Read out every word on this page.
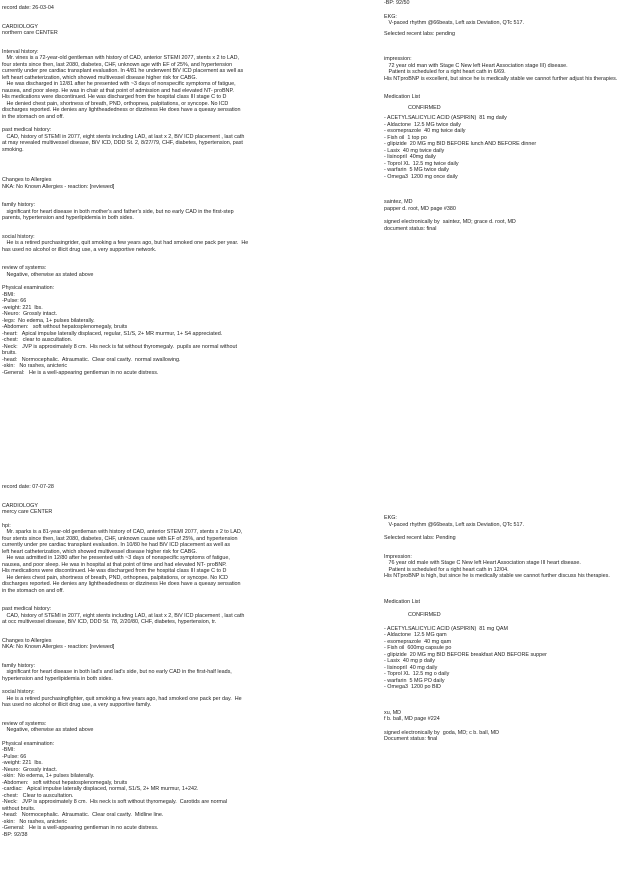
record date: 26-03-04

CARDIOLOGY

northern care CENTER

Interval history:

Mr. vines is a 72-year-old gentleman with history of CAD, anterior STEMI 2077, stents x 2 to LAD,

four stents since then, last 2080, diabetes, CHF, unknown age with EF of 25%, and hypertension

currently under pre cardiac transplant evaluation. In 4/81 he underwent BiV ICD placement as well as

left heart catheterization, which showed multivessel disease higher risk for CABG.

He was discharged in 12/81 after he presented with ~3 days of nonspecific symptoms of fatigue,

nausea, and poor sleep. He was in chair at that point of admission and had elevated NT- proBNP.

His medications were discontinued. He was discharged from the hospital class III stage C to D

He denied chest pain, shortness of breath, PND, orthopnea, palpitations, or syncope. No ICD

discharges reported. He denies any lightheadedness or dizziness He does have a queasy sensation

in the stomach on and off.

past medical history:

CAD, history of STEMI in 2077, eight stents including LAD, at last x 2, BiV ICD placement , last cath

at may revealed multivessel disease, BiV ICD, DDD St. 2, 8/27/79, CHF, diabetes, hypertension, past

smoking.

Changes to Allergies

NKA: No Known Allergies - reaction: [reviewed]

family history:

significant for heart disease in both mother's and father's side, but no early CAD in the first-step

parents, hypertension and hyperlipidemia in both sides.

social history:

He is a retired purchasingrider, quit smoking a few years ago, but had smoked one pack per year.  He

has used no alcohol or illicit drug use, a very supportive network.

review of systems:

Negative, otherwise as stated above

Physical examination:

-BMI:

-Pulse: 66

-weight: 221  lbs.

-Neuro:  Grossly intact.

-legs:  No edema, 1+ pulses bilaterally.

-Abdomen:   soft without hepatosplenomegaly, bruits

-heart:   Apical impulse laterally displaced, regular, S1/S, 2+ MR murmur, 1+ S4 appreciated.

-chest:   clear to auscultation.

-Neck:   JVP is approximately 8 cm.  His neck is fat without thyromegaly.  pupils are normal without

bruits.

-head:   Normocephalic.  Atraumatic.  Clear oral cavity.  normal swallowing.

-skin:   No rashes, anicteric

-General:   He is a well-appearing gentleman in no acute distress.

-BP: 92/50

EKG:

V-paced rhythm @66beats, Left axis Deviation, QTc 517.

Selected recent labs: pending

impression:

72 year old man with Stage C New left Heart Association stage III) disease.

Patient is scheduled for a right heart cath in 6/69.

His NTproBNP is excellent, but since he is medically stable we cannot further adjust his therapies.

Medication List

CONFIRMED

- ACETYLSALICYLIC ACID (ASPIRIN)  81 mg daily

- Aldactone  12.5 MG twice daily

- esomeprazole  40 mg twice daily

- Fish oil  1 top po

- glipizide  20 MG mg BID BEFORE lunch AND BEFORE dinner

- Lasix  40 mg twice daily

- lisinopril  40mg daily

- Toprol XL  12.5 mg twice daily

- warfarin  5 MG twice daily

- Omega3  1200 mg once daily

saintez, MD

papper d. root, MD page #380

signed electronically by  saintez, MD; grace d. root, MD

document status: final

record date: 07-07-28

CARDIOLOGY

mercy care CENTER

hpi:

Mr. sparks is a 81-year-old gentleman with history of CAD, anterior STEMI 2077, stents x 2 to LAD,

four stents since then, last 2080, diabetes, CHF, unknown cause with EF of 25%, and hypertension

currently under pre cardiac transplant evaluation. In 10/80 he had BiV ICD placement as well as

left heart catheterization, which showed multivessel disease higher risk for CABG.

He was admitted in 12/80 after he presented with ~3 days of nonspecific symptoms of fatigue,

nausea, and poor sleep. He was in hospital at that point of time and had elevated NT- proBNP.

His medications were discontinued. He was discharged from the hospital class III stage C to D

He denies chest pain, shortness of breath, PND, orthopnea, palpitations, or syncope. No ICD

discharges reported. He denies any lightheadedness or dizziness He does have a queasy sensation

in the stomach on and off.

past medical history:

CAD, history of STEMI in 2077, eight stents including LAD, at last x 2, BiV ICD placement , last cath

at occ multivessel disease, BiV ICD, DDD St. 78, 2/20/80, CHF, diabetes, hypertension, tr.

Changes to Allergies

NKA: No Known Allergies - reaction: [reviewed]

family history:

significant for heart disease in both lad's and lad's side, but no early CAD in the first-half leads,

hypertension and hyperlipidemia in both sides.

social history:

He is a retired purchasingfighter, quit smoking a few years ago, had smoked one pack per day.  He

has used no alcohol or illicit drug use, a very supportive family.

review of systems:

Negative, otherwise as stated above

Physical examination:

-BMI:

-Pulse: 66

-weight: 221  lbs.

-Neuro:  Grossly intact.

-skin:  No edema, 1+ pulses bilaterally.

-Abdomen:   soft without hepatosplenomegaly, bruits

-cardiac:   Apical impulse laterally displaced, normal, S1/S, 2+ MR murmur, 1+242.

-chest:   Clear to auscultation.

-Neck:   JVP is approximately 8 cm.  His neck is soft without thyromegaly.  Carotids are normal

without bruits.

-head:   Normocephalic.  Atraumatic.  Clear oral cavity.  Midline line.

-skin:   No rashes, anicteric

-General:   He is a well-appearing gentleman in no acute distress.

-BP: 92/38

EKG:

V-paced rhythm @66beats, Left axis Deviation, QTc 517.

Selected recent labs: Pending

Impression:

76 year old male with Stage C New left Heart Association stage III heart disease.

Patient is scheduled for a right heart cath in 12/04.

His NTproBNP is high, but since he is medically stable we cannot further discuss his therapies.

Medication List

CONFIRMED

- ACETYLSALICYLIC ACID (ASPIRIN)  81 mg QAM

- Aldactone  12.5 MG qam

- esomeprazole  40 mg qam

- Fish oil  600mg capsule po

- glipizide  20 MG mg BID BEFORE breakfast AND BEFORE supper

- Lasix  40 mg p daily

- lisinopril  40 mg daily

- Toprol XL  12.5 mg o daily

- warfarin  5 MG PO daily

- Omega3  1200 po BID

xu, MD

f b. ball, MD page #224

signed electronically by  goda, MD; c b. ball, MD

Document status: final
